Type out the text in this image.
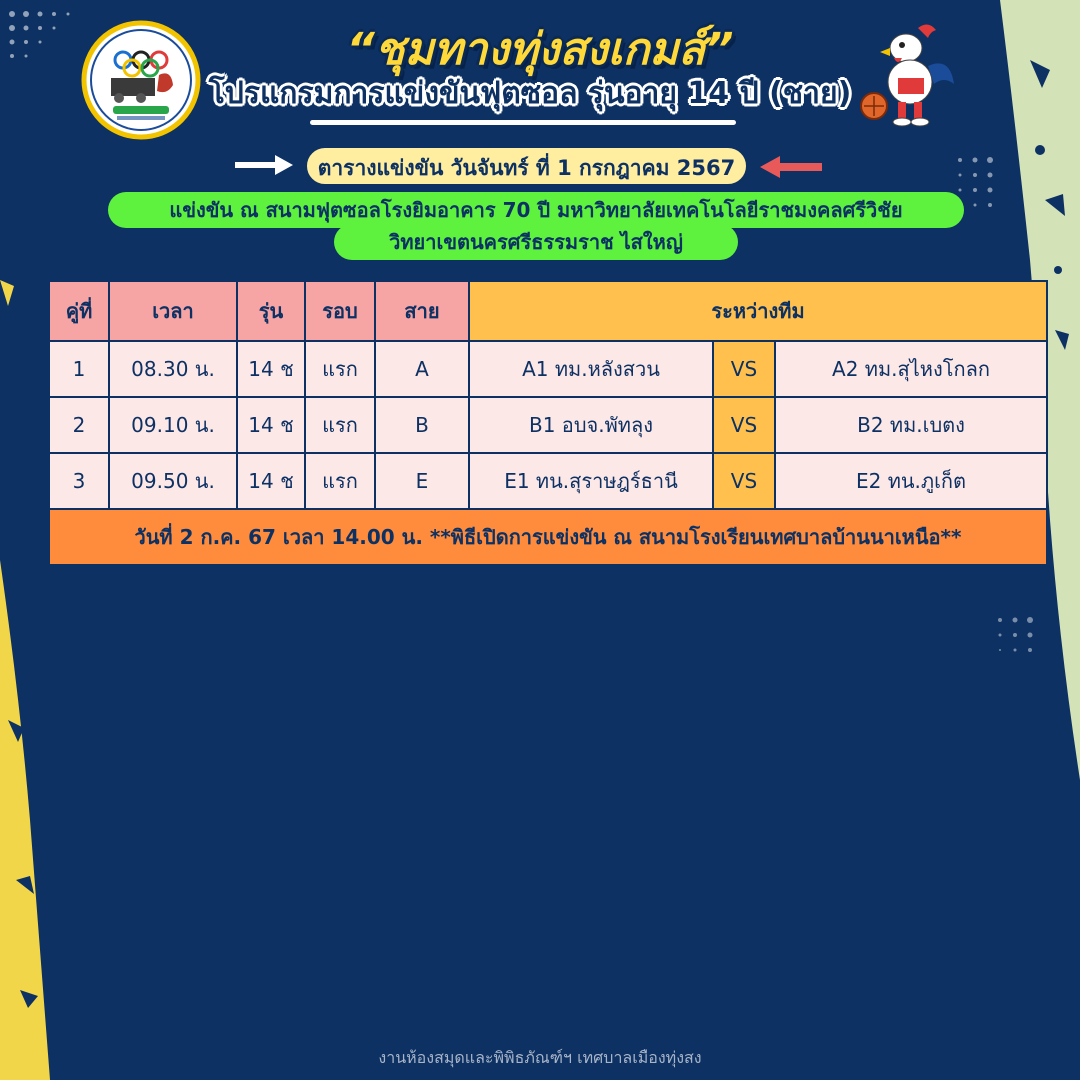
“ชุมทางทุ่งสงเกมส์”
โปรแกรมการแข่งขันฟุตซอล รุ่นอายุ 14 ปี (ชาย)
ตารางแข่งขัน วันจันทร์ ที่ 1 กรกฎาคม 2567
แข่งขัน ณ สนามฟุตซอลโรงยิมอาคาร 70 ปี มหาวิทยาลัยเทคโนโลยีราชมงคลศรีวิชัย
วิทยาเขตนครศรีธรรมราช ไสใหญ่
คู่ที่	เวลา	รุ่น	รอบ	สาย	ระหว่างทีม		
1	08.30 น.	14 ช	แรก	A	A1 ทม.หลังสวน	VS	A2 ทม.สุไหงโกลก
2	09.10 น.	14 ช	แรก	B	B1 อบจ.พัทลุง	VS	B2 ทม.เบตง
3	09.50 น.	14 ช	แรก	E	E1 ทน.สุราษฎร์ธานี	VS	E2 ทน.ภูเก็ต
วันที่ 2 ก.ค. 67 เวลา 14.00 น. **พิธีเปิดการแข่งขัน ณ สนามโรงเรียนเทศบาลบ้านนาเหนือ**							
งานห้องสมุดและพิพิธภัณฑ์ฯ เทศบาลเมืองทุ่งสง
